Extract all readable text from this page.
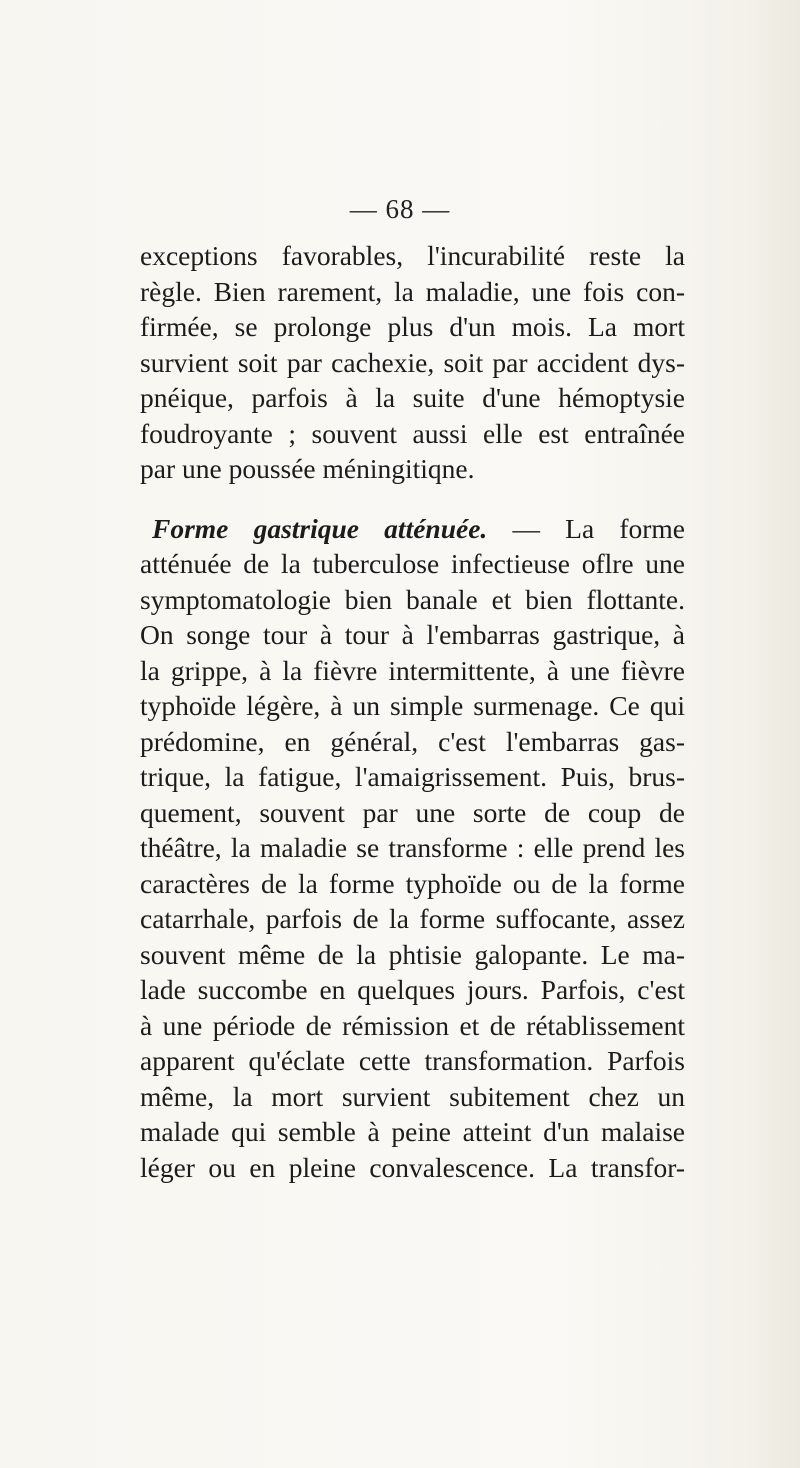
— 68 —
exceptions favorables, l'incurabilité reste la
règle. Bien rarement, la maladie, une fois con-
firmée, se prolonge plus d'un mois. La mort
survient soit par cachexie, soit par accident dys-
pnéique, parfois à la suite d'une hémoptysie
foudroyante ; souvent aussi elle est entraînée
par une poussée méningitiqne.
Forme gastrique atténuée. — La forme
atténuée de la tuberculose infectieuse oflre une
symptomatologie bien banale et bien flottante.
On songe tour à tour à l'embarras gastrique, à
la grippe, à la fièvre intermittente, à une fièvre
typhoïde légère, à un simple surmenage. Ce qui
prédomine, en général, c'est l'embarras gas-
trique, la fatigue, l'amaigrissement. Puis, brus-
quement, souvent par une sorte de coup de
théâtre, la maladie se transforme : elle prend les
caractères de la forme typhoïde ou de la forme
catarrhale, parfois de la forme suffocante, assez
souvent même de la phtisie galopante. Le ma-
lade succombe en quelques jours. Parfois, c'est
à une période de rémission et de rétablissement
apparent qu'éclate cette transformation. Parfois
même, la mort survient subitement chez un
malade qui semble à peine atteint d'un malaise
léger ou en pleine convalescence. La transfor-
